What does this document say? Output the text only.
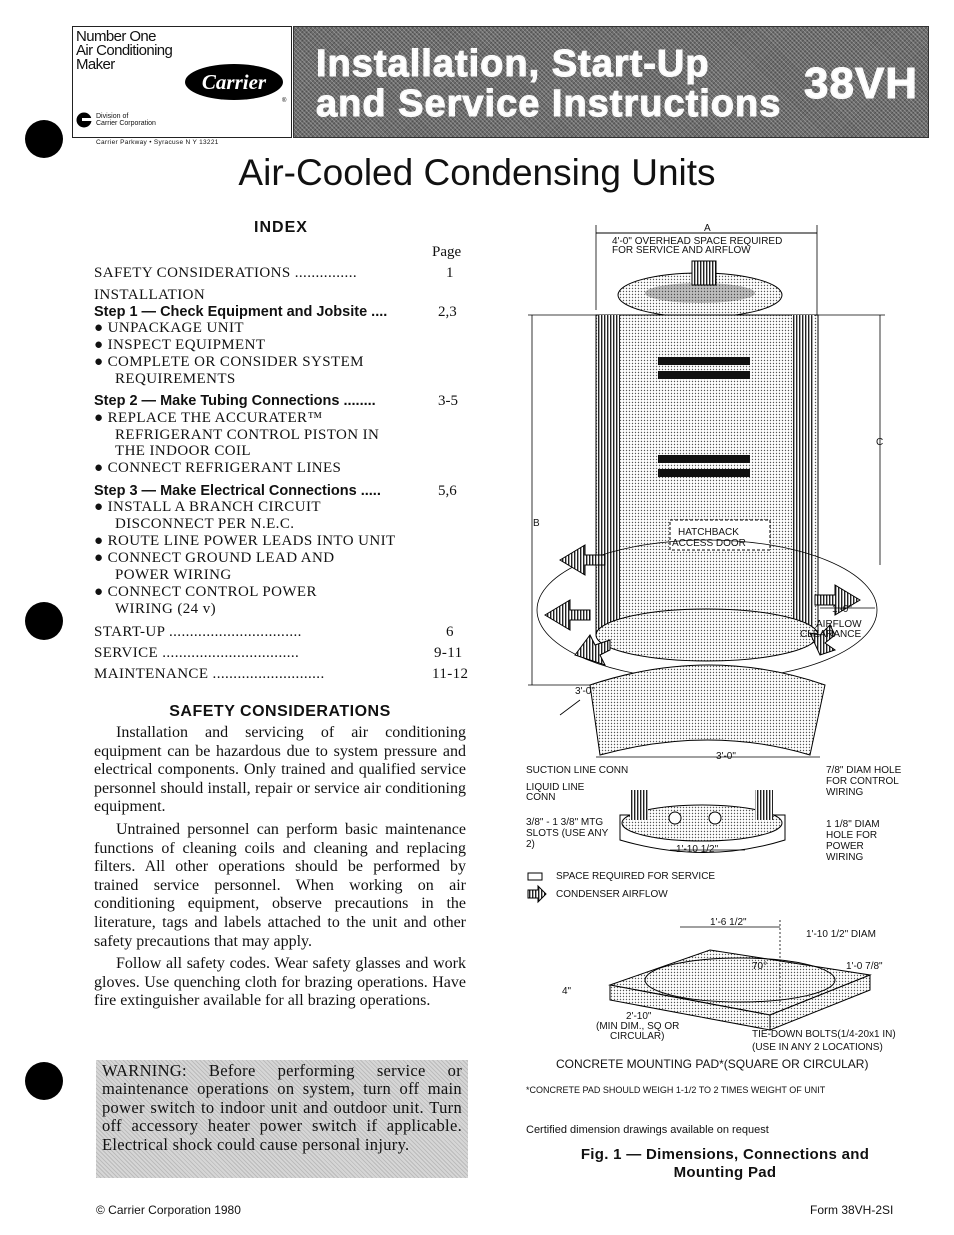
Number One
Air Conditioning
Maker
Carrier
®
Division of
Carrier Corporation
Carrier Parkway • Syracuse N Y 13221
Installation, Start-Up
and Service Instructions 38VH
Air-Cooled Condensing Units
INDEX
Page
SAFETY CONSIDERATIONS ...............	1
INSTALLATION
Step 1 — Check Equipment and Jobsite ....	2,3
● UNPACKAGE UNIT
● INSPECT EQUIPMENT
● COMPLETE OR CONSIDER SYSTEM
REQUIREMENTS
Step 2 — Make Tubing Connections ........	3-5
● REPLACE THE ACCURATER™
REFRIGERANT CONTROL PISTON IN
THE INDOOR COIL
● CONNECT REFRIGERANT LINES
Step 3 — Make Electrical Connections .....	5,6
● INSTALL A BRANCH CIRCUIT
DISCONNECT PER N.E.C.
● ROUTE LINE POWER LEADS INTO UNIT
● CONNECT GROUND LEAD AND
POWER WIRING
● CONNECT CONTROL POWER
WIRING (24 v)
START-UP ................................	6
SERVICE .................................	9-11
MAINTENANCE ...........................	11-12
SAFETY CONSIDERATIONS

Installation and servicing of air conditioning equipment can be hazardous due to system pressure and electrical components. Only trained and qualified service personnel should install, repair or service air conditioning equipment.

Untrained personnel can perform basic maintenance functions of cleaning coils and cleaning and replacing filters. All other operations should be performed by trained service personnel. When working on air conditioning equipment, observe precautions in the literature, tags and labels attached to the unit and other safety precautions that may apply.

Follow all safety codes. Wear safety glasses and work gloves. Use quenching cloth for brazing operations. Have fire extinguisher available for all brazing operations.

WARNING: Before performing service or maintenance operations on system, turn off main power switch to indoor unit and outdoor unit. Turn off accessory heater power switch if applicable. Electrical shock could cause personal injury.
© Carrier Corporation 1980	Form 38VH-2SI
A
4'-0" OVERHEAD SPACE REQUIRED
FOR SERVICE AND AIRFLOW
B
C
HATCHBACK
ACCESS DOOR
1'-0"
AIRFLOW
CLEARANCE
3'-0"
3'-0"
SUCTION LINE CONN
LIQUID LINE
CONN
3/8" - 1 3/8" MTG
SLOTS (USE ANY
2)	1'-10 1/2"
7/8" DIAM HOLE
FOR CONTROL
WIRING
1 1/8" DIAM
HOLE FOR
POWER
WIRING
SPACE REQUIRED FOR SERVICE
CONDENSER AIRFLOW
1'-6 1/2"
1'-10 1/2" DIAM
1'-0 7/8"
70°
4"
2'-10"
(MIN DIM., SQ OR
CIRCULAR)	TIE-DOWN BOLTS(1/4-20x1 IN)
(USE IN ANY 2 LOCATIONS)
CONCRETE MOUNTING PAD*(SQUARE OR CIRCULAR)
*CONCRETE PAD SHOULD WEIGH 1-1/2 TO 2 TIMES WEIGHT OF UNIT
Certified dimension drawings available on request
Fig. 1 — Dimensions, Connections and
Mounting Pad
